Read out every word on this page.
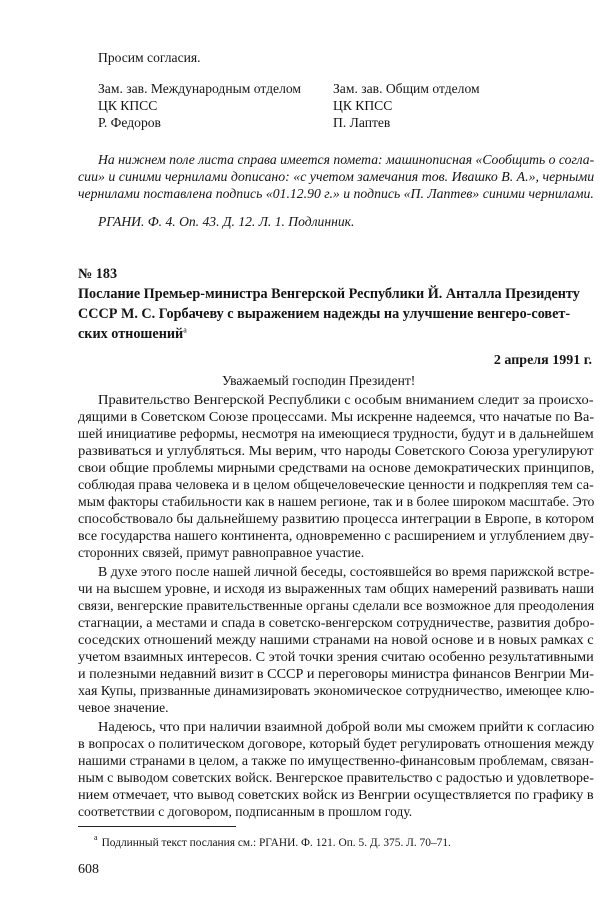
Просим согласия.
Зам. зав. Международным отделом
ЦК КПСС
Р. Федоров
Зам. зав. Общим отделом
ЦК КПСС
П. Лаптев
На нижнем поле листа справа имеется помета: машинописная «Сообщить о согла-
сии» и синими чернилами дописано: «с учетом замечания тов. Ивашко В. А.», черными
чернилами поставлена подпись «01.12.90 г.» и подпись «П. Лаптев» синими чернилами.
РГАНИ. Ф. 4. Оп. 43. Д. 12. Л. 1. Подлинник.
№ 183
Послание Премьер-министра Венгерской Республики Й. Анталла Президенту
СССР М. С. Горбачеву с выражением надежды на улучшение венгеро-совет-
ских отношений$^а$
2 апреля 1991 г.
Уважаемый господин Президент!
Правительство Венгерской Республики с особым вниманием следит за происхо-
дящими в Советском Союзе процессами. Мы искренне надеемся, что начатые по Ва-
шей инициативе реформы, несмотря на имеющиеся трудности, будут и в дальнейшем
развиваться и углубляться. Мы верим, что народы Советского Союза урегулируют
свои общие проблемы мирными средствами на основе демократических принципов,
соблюдая права человека и в целом общечеловеческие ценности и подкрепляя тем са-
мым факторы стабильности как в нашем регионе, так и в более широком масштабе. Это
способствовало бы дальнейшему развитию процесса интеграции в Европе, в котором
все государства нашего континента, одновременно с расширением и углублением дву-
сторонних связей, примут равноправное участие.
В духе этого после нашей личной беседы, состоявшейся во время парижской встре-
чи на высшем уровне, и исходя из выраженных там общих намерений развивать наши
связи, венгерские правительственные органы сделали все возможное для преодоления
стагнации, а местами и спада в советско-венгерском сотрудничестве, развития добро-
соседских отношений между нашими странами на новой основе и в новых рамках с
учетом взаимных интересов. С этой точки зрения считаю особенно результативными
и полезными недавний визит в СССР и переговоры министра финансов Венгрии Ми-
хая Купы, призванные динамизировать экономическое сотрудничество, имеющее клю-
чевое значение.
Надеюсь, что при наличии взаимной доброй воли мы сможем прийти к согласию
в вопросах о политическом договоре, который будет регулировать отношения между
нашими странами в целом, а также по имущественно-финансовым проблемам, связан-
ным с выводом советских войск. Венгерское правительство с радостью и удовлетворе-
нием отмечает, что вывод советских войск из Венгрии осуществляется по графику в
соответствии с договором, подписанным в прошлом году.
$^а$ Подлинный текст послания см.: РГАНИ. Ф. 121. Оп. 5. Д. 375. Л. 70–71.
608
